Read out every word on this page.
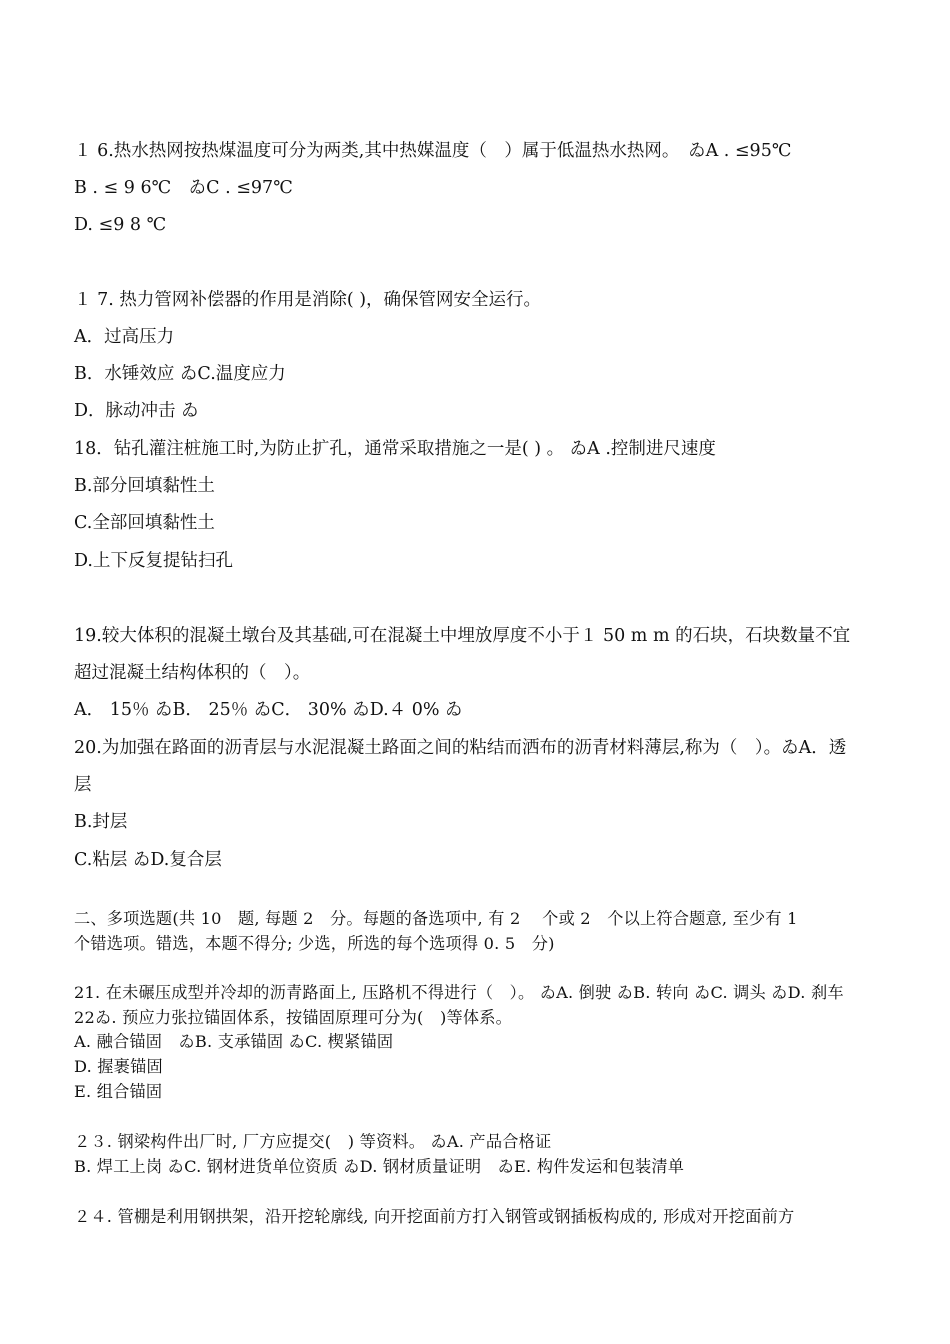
１ 6.热水热网按热煤温度可分为两类,其中热媒温度（　）属于低温热水热网。　ゐA . ≤95℃
B . ≤ 9 6℃　ゐC . ≤97℃
D. ≤9 8 ℃
１ 7. 热力管网补偿器的作用是消除( )，确保管网安全运行。
A．过高压力
B．水锤效应 ゐC.温度应力
D．脉动冲击 ゐ
18．钻孔灌注桩施工时,为防止扩孔，通常采取措施之一是( ) 。 ゐA .控制进尺速度
B.部分回填黏性土
C.全部回填黏性土
D.上下反复提钻扫孔
19.较大体积的混凝土墩台及其基础,可在混凝土中埋放厚度不小于１ 50 m m 的石块，石块数量不宜
超过混凝土结构体积的（　）。
A． 15％ ゐB． 25％ ゐC． 30% ゐD.４ 0% ゐ
20.为加强在路面的沥青层与水泥混凝土路面之间的粘结而洒布的沥青材料薄层,称为（　）。ゐA．透
层
B.封层
C.粘层 ゐD.复合层
二、多项选题(共 10　题, 每题 2　分。每题的备选项中, 有 2　 个或 2　个以上符合题意, 至少有 1
个错选项。错选，本题不得分; 少选，所选的每个选项得 0. 5　分)
21. 在未碾压成型并冷却的沥青路面上, 压路机不得进行（　）。 ゐA. 倒驶 ゐB. 转向 ゐC. 调头 ゐD. 刹车
22ゐ. 预应力张拉锚固体系，按锚固原理可分为(　)等体系。
A. 融合锚固　ゐB. 支承锚固 ゐC. 楔紧锚固
D. 握裹锚固
E. 组合锚固
２３. 钢梁构件出厂时, 厂方应提交(　) 等资料。 ゐA. 产品合格证
B. 焊工上岗 ゐC. 钢材进货单位资质 ゐD. 钢材质量证明　ゐE. 构件发运和包装清单
２４. 管棚是利用钢拱架，沿开挖轮廓线, 向开挖面前方打入钢管或钢插板构成的, 形成对开挖面前方
